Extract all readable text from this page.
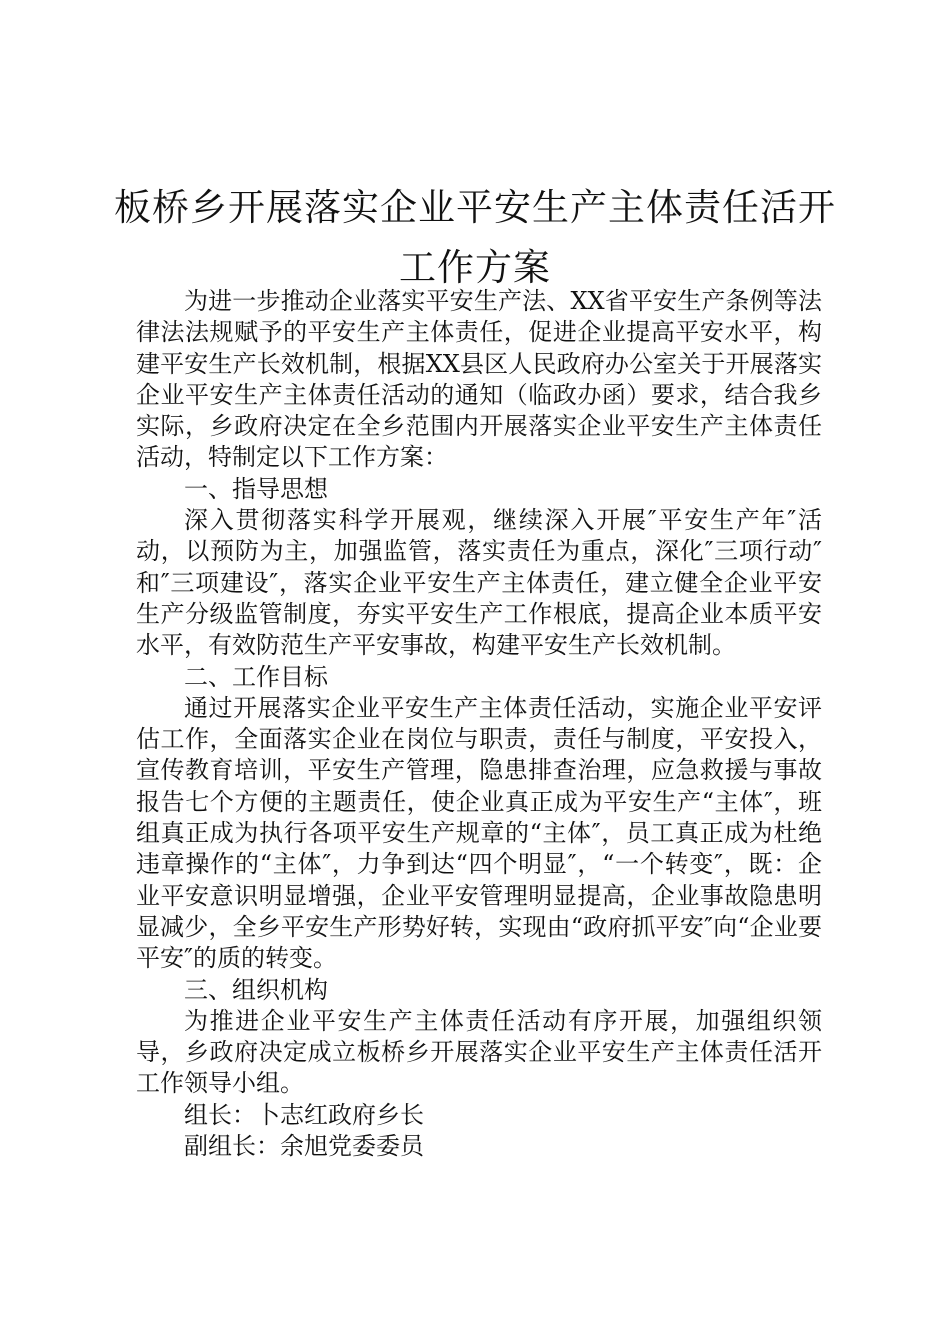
板桥乡开展落实企业平安生产主体责任活开
工作方案

为进一步推动企业落实平安生产法、XX省平安生产条例等法律法法规赋予的平安生产主体责任，促进企业提高平安水平，构建平安生产长效机制，根据XX县区人民政府办公室关于开展落实企业平安生产主体责任活动的通知（临政办函）要求，结合我乡实际，乡政府决定在全乡范围内开展落实企业平安生产主体责任活动，特制定以下工作方案：

一、指导思想

深入贯彻落实科学开展观，继续深入开展″平安生产年″活动，以预防为主，加强监管，落实责任为重点，深化″三项行动″和″三项建设″，落实企业平安生产主体责任，建立健全企业平安生产分级监管制度，夯实平安生产工作根底，提高企业本质平安水平，有效防范生产平安事故，构建平安生产长效机制。

二、工作目标

通过开展落实企业平安生产主体责任活动，实施企业平安评估工作，全面落实企业在岗位与职责，责任与制度，平安投入，宣传教育培训，平安生产管理，隐患排查治理，应急救援与事故报告七个方便的主题责任，使企业真正成为平安生产“主体″，班组真正成为执行各项平安生产规章的“主体″，员工真正成为杜绝违章操作的“主体″，力争到达“四个明显″，“一个转变″，既：企业平安意识明显增强，企业平安管理明显提高，企业事故隐患明显减少，全乡平安生产形势好转，实现由“政府抓平安″向“企业要平安″的质的转变。

三、组织机构

为推进企业平安生产主体责任活动有序开展，加强组织领导，乡政府决定成立板桥乡开展落实企业平安生产主体责任活开工作领导小组。

组长：卜志红政府乡长

副组长：余旭党委委员
